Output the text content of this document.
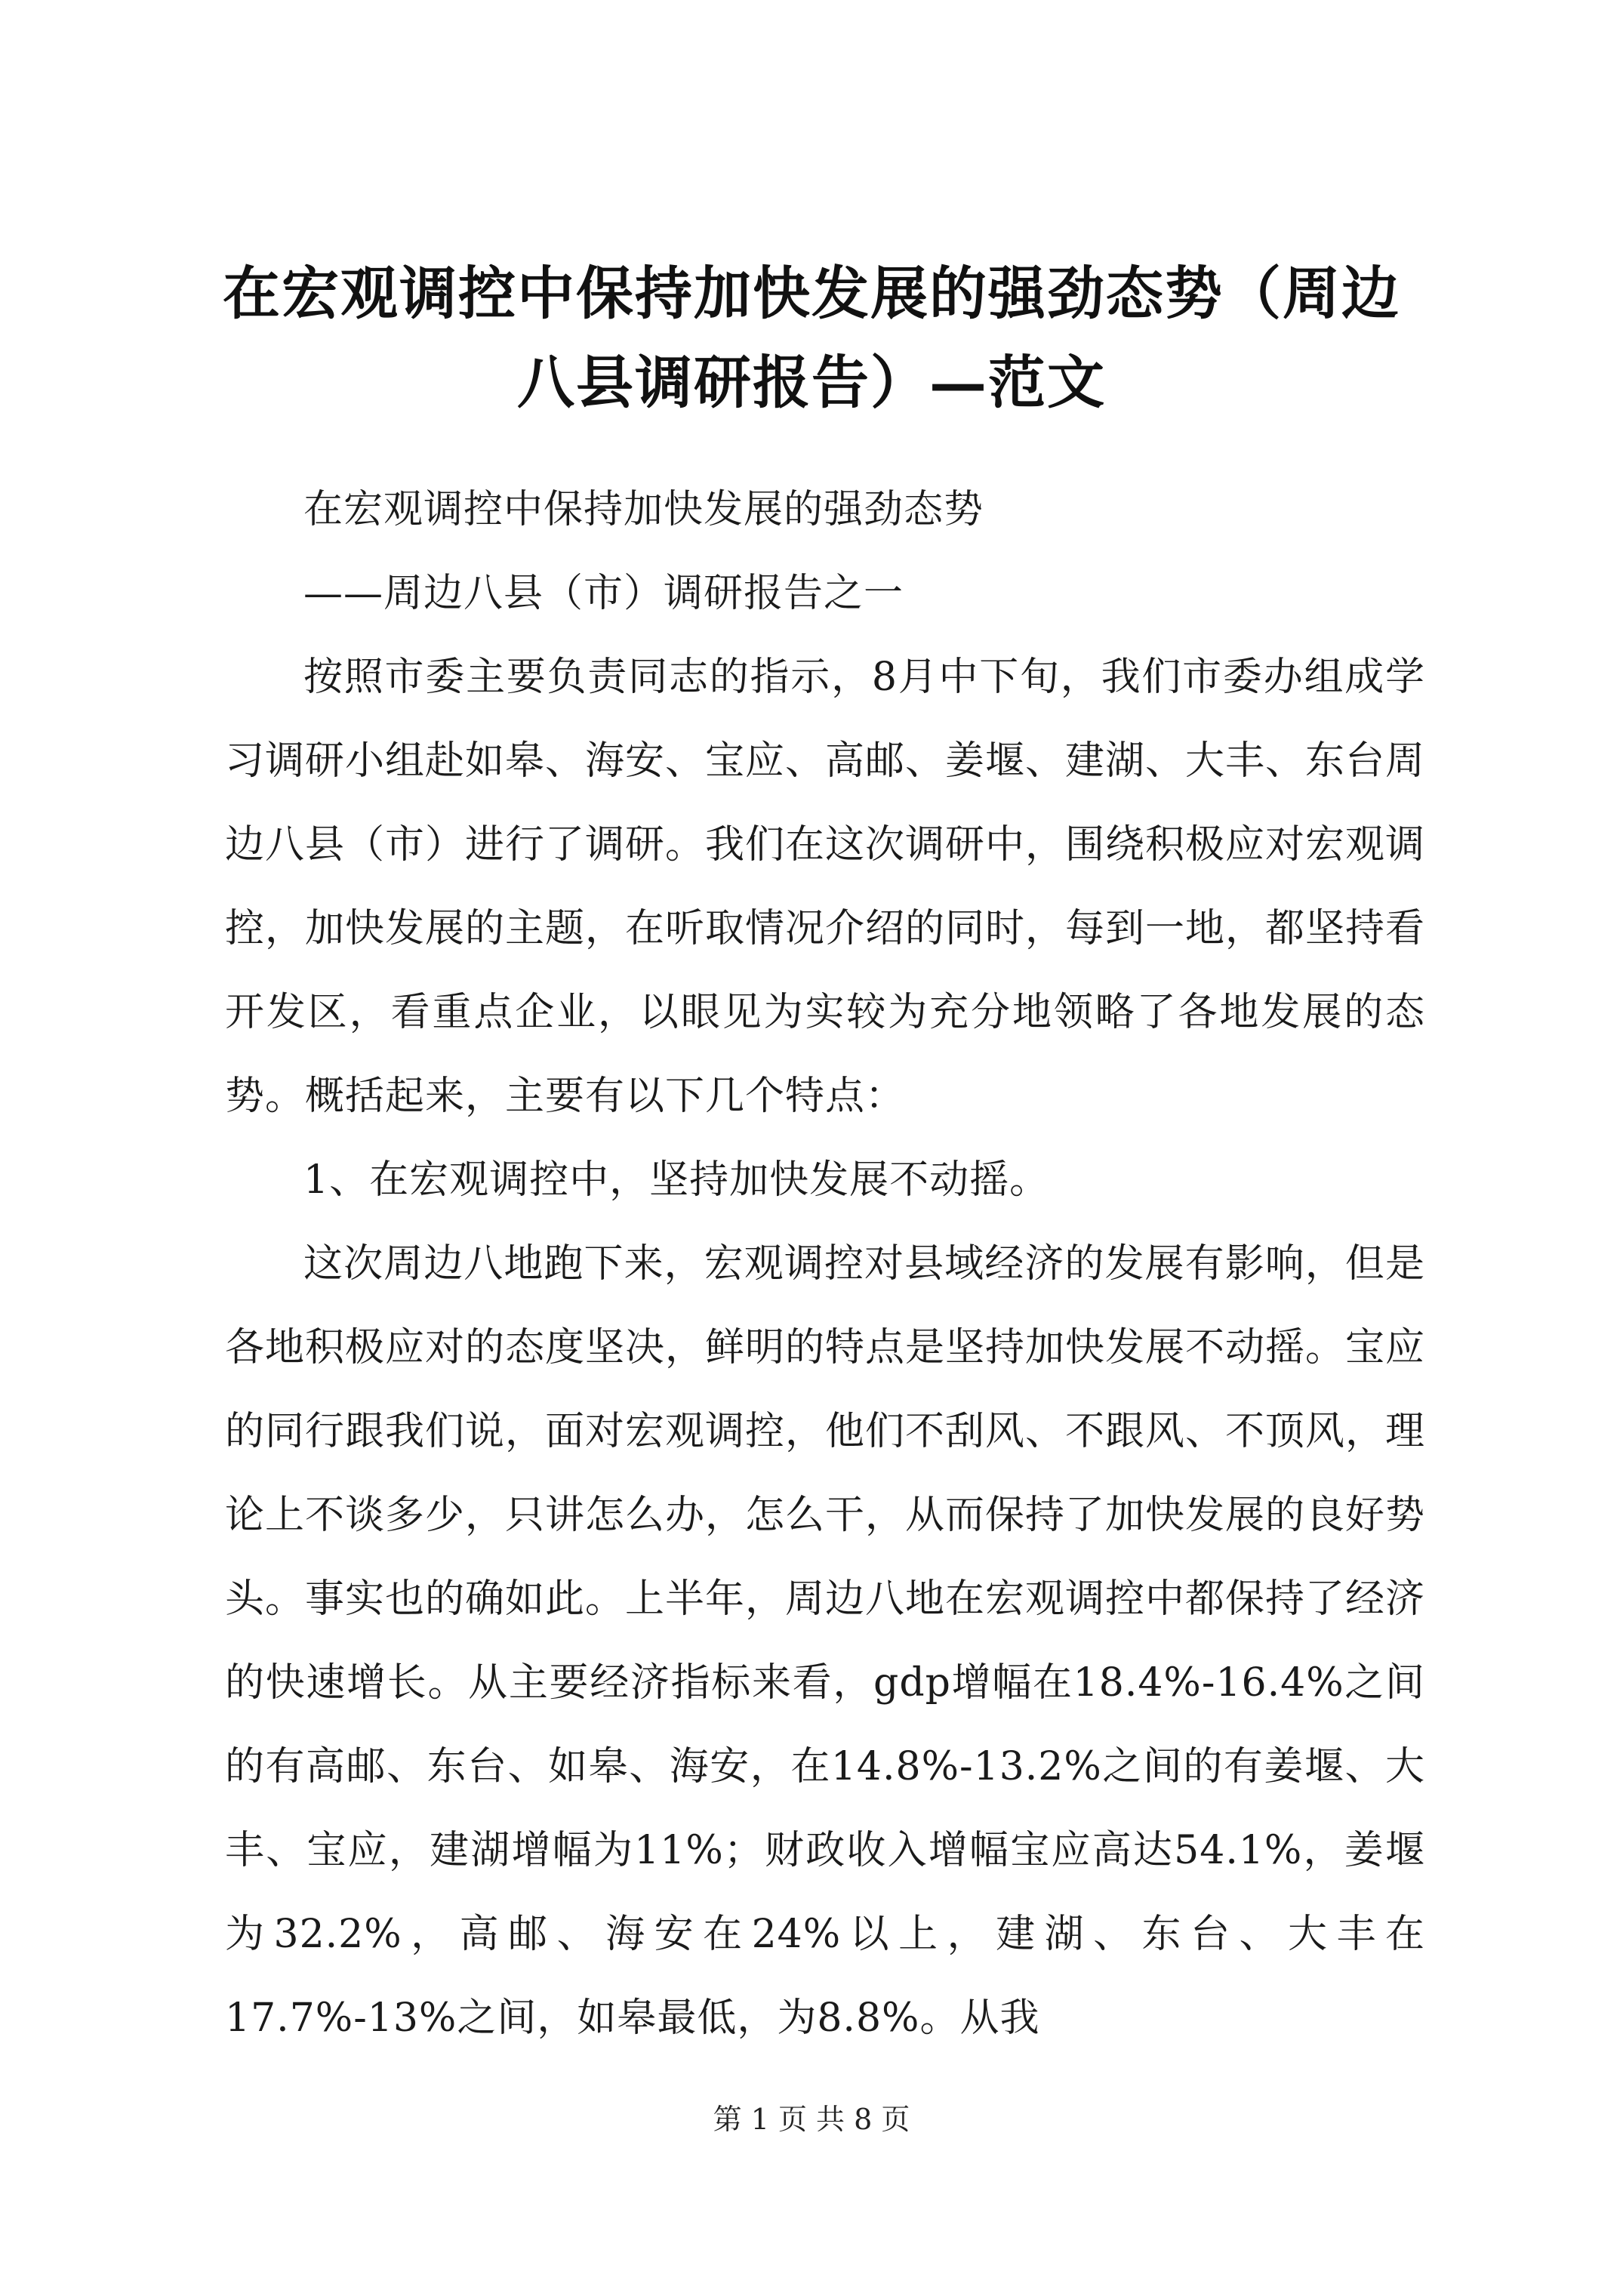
在宏观调控中保持加快发展的强劲态势（周边
八县调研报告）—范文

在宏观调控中保持加快发展的强劲态势

——周边八县（市）调研报告之一

按照市委主要负责同志的指示，8月中下旬，我们市委办组成学习调研小组赴如皋、海安、宝应、高邮、姜堰、建湖、大丰、东台周边八县（市）进行了调研。我们在这次调研中，围绕积极应对宏观调控，加快发展的主题，在听取情况介绍的同时，每到一地，都坚持看开发区，看重点企业，以眼见为实较为充分地领略了各地发展的态势。概括起来，主要有以下几个特点：

1、在宏观调控中，坚持加快发展不动摇。

这次周边八地跑下来，宏观调控对县域经济的发展有影响，但是各地积极应对的态度坚决，鲜明的特点是坚持加快发展不动摇。宝应的同行跟我们说，面对宏观调控，他们不刮风、不跟风、不顶风，理论上不谈多少，只讲怎么办，怎么干，从而保持了加快发展的良好势头。事实也的确如此。上半年，周边八地在宏观调控中都保持了经济的快速增长。从主要经济指标来看，gdp增幅在18.4%-16.4%之间的有高邮、东台、如皋、海安，在14.8%-13.2%之间的有姜堰、大丰、宝应，建湖增幅为11%；财政收入增幅宝应高达54.1%，姜堰为32.2%，高邮、海安在24%以上，建湖、东台、大丰在17.7%-13%之间，如皋最低，为8.8%。从我

第 1 页 共 8 页
